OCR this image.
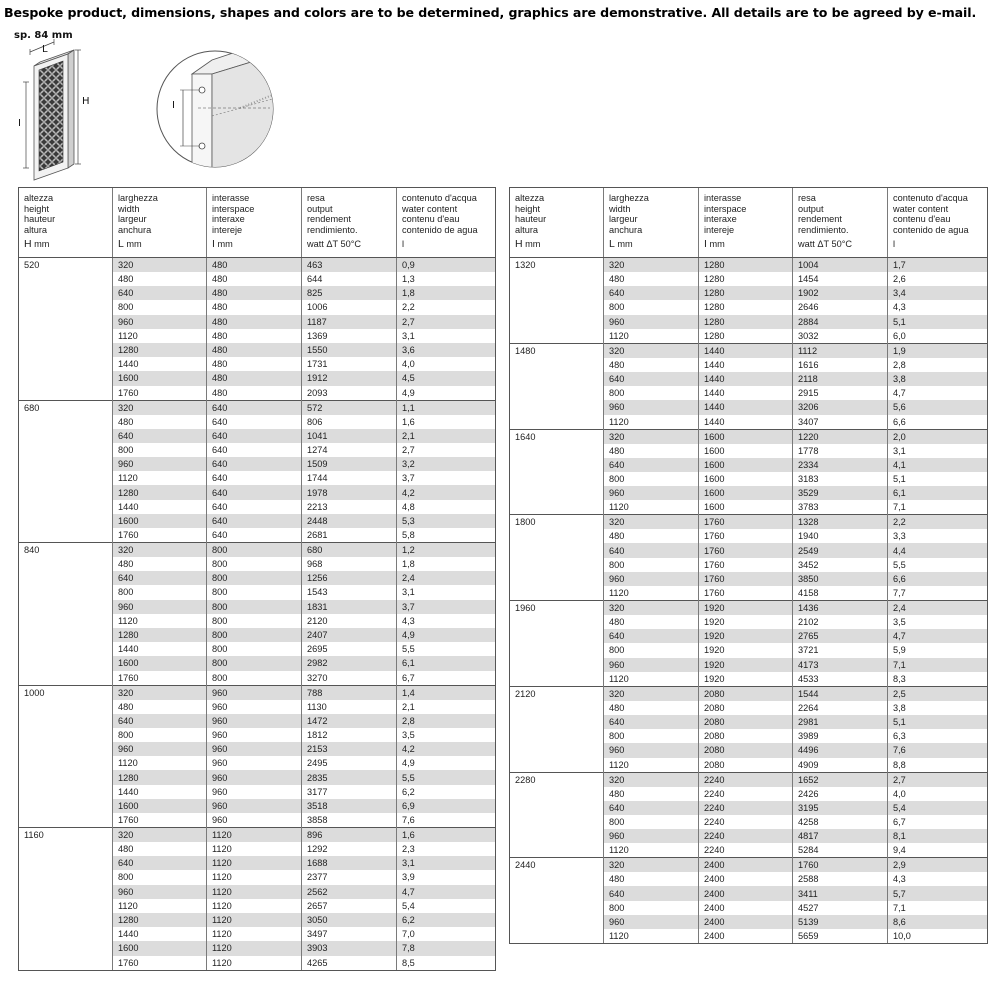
Bespoke product, dimensions, shapes and colors are to be determined, graphics are demonstrative. All details are to be agreed by e-mail.
sp. 84 mm
L
H
I
I
altezza
height
hauteur
altura
H mm	larghezza
width
largeur
anchura
L mm	interasse
interspace
interaxe
intereje
I mm	resa
output
rendement
rendimiento.
watt ΔT 50°C	contenuto d'acqua
water content
contenu d'eau
contenido de agua
l

520	320	480	463	0,9
	480	480	644	1,3
	640	480	825	1,8
	800	480	1006	2,2
	960	480	1187	2,7
	1120	480	1369	3,1
	1280	480	1550	3,6
	1440	480	1731	4,0
	1600	480	1912	4,5
	1760	480	2093	4,9
680	320	640	572	1,1
	480	640	806	1,6
	640	640	1041	2,1
	800	640	1274	2,7
	960	640	1509	3,2
	1120	640	1744	3,7
	1280	640	1978	4,2
	1440	640	2213	4,8
	1600	640	2448	5,3
	1760	640	2681	5,8
840	320	800	680	1,2
	480	800	968	1,8
	640	800	1256	2,4
	800	800	1543	3,1
	960	800	1831	3,7
	1120	800	2120	4,3
	1280	800	2407	4,9
	1440	800	2695	5,5
	1600	800	2982	6,1
	1760	800	3270	6,7
1000	320	960	788	1,4
	480	960	1130	2,1
	640	960	1472	2,8
	800	960	1812	3,5
	960	960	2153	4,2
	1120	960	2495	4,9
	1280	960	2835	5,5
	1440	960	3177	6,2
	1600	960	3518	6,9
	1760	960	3858	7,6
1160	320	1120	896	1,6
	480	1120	1292	2,3
	640	1120	1688	3,1
	800	1120	2377	3,9
	960	1120	2562	4,7
	1120	1120	2657	5,4
	1280	1120	3050	6,2
	1440	1120	3497	7,0
	1600	1120	3903	7,8
	1760	1120	4265	8,5
altezza
height
hauteur
altura
H mm	larghezza
width
largeur
anchura
L mm	interasse
interspace
interaxe
intereje
I mm	resa
output
rendement
rendimiento.
watt ΔT 50°C	contenuto d'acqua
water content
contenu d'eau
contenido de agua
l

1320	320	1280	1004	1,7
	480	1280	1454	2,6
	640	1280	1902	3,4
	800	1280	2646	4,3
	960	1280	2884	5,1
	1120	1280	3032	6,0
1480	320	1440	1112	1,9
	480	1440	1616	2,8
	640	1440	2118	3,8
	800	1440	2915	4,7
	960	1440	3206	5,6
	1120	1440	3407	6,6
1640	320	1600	1220	2,0
	480	1600	1778	3,1
	640	1600	2334	4,1
	800	1600	3183	5,1
	960	1600	3529	6,1
	1120	1600	3783	7,1
1800	320	1760	1328	2,2
	480	1760	1940	3,3
	640	1760	2549	4,4
	800	1760	3452	5,5
	960	1760	3850	6,6
	1120	1760	4158	7,7
1960	320	1920	1436	2,4
	480	1920	2102	3,5
	640	1920	2765	4,7
	800	1920	3721	5,9
	960	1920	4173	7,1
	1120	1920	4533	8,3
2120	320	2080	1544	2,5
	480	2080	2264	3,8
	640	2080	2981	5,1
	800	2080	3989	6,3
	960	2080	4496	7,6
	1120	2080	4909	8,8
2280	320	2240	1652	2,7
	480	2240	2426	4,0
	640	2240	3195	5,4
	800	2240	4258	6,7
	960	2240	4817	8,1
	1120	2240	5284	9,4
2440	320	2400	1760	2,9
	480	2400	2588	4,3
	640	2400	3411	5,7
	800	2400	4527	7,1
	960	2400	5139	8,6
	1120	2400	5659	10,0
